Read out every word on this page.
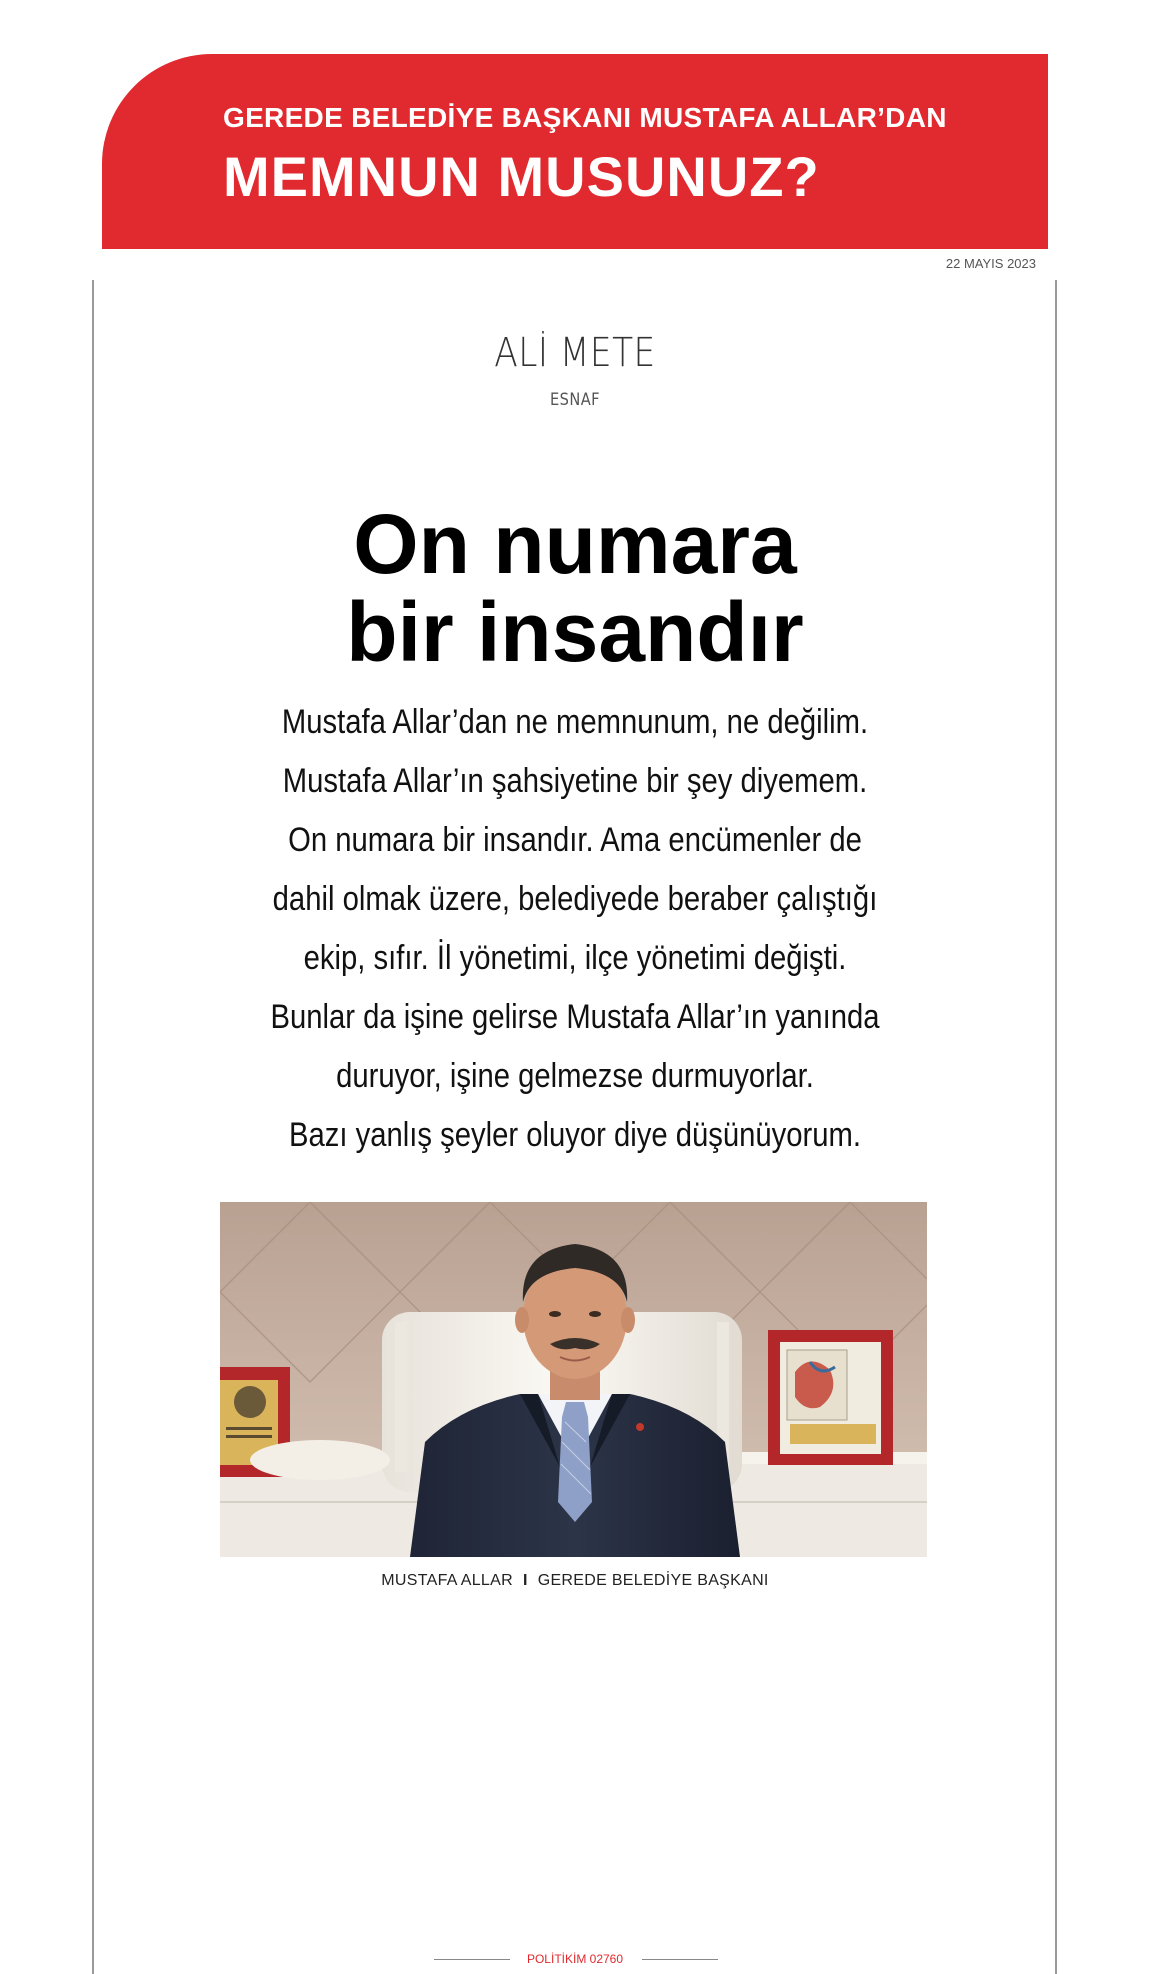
GEREDE BELEDİYE BAŞKANI MUSTAFA ALLAR’DAN
MEMNUN MUSUNUZ?
22 MAYIS 2023
ALİ METE
ESNAF
On numara
bir insandır
Mustafa Allar’dan ne memnunum, ne değilim.
Mustafa Allar’ın şahsiyetine bir şey diyemem.
On numara bir insandır. Ama encümenler de
dahil olmak üzere, belediyede beraber çalıştığı
ekip, sıfır. İl yönetimi, ilçe yönetimi değişti.
Bunlar da işine gelirse Mustafa Allar’ın yanında
duruyor, işine gelmezse durmuyorlar.
Bazı yanlış şeyler oluyor diye düşünüyorum.
MUSTAFA ALLAR I GEREDE BELEDİYE BAŞKANI
POLİTİKİM 02760
